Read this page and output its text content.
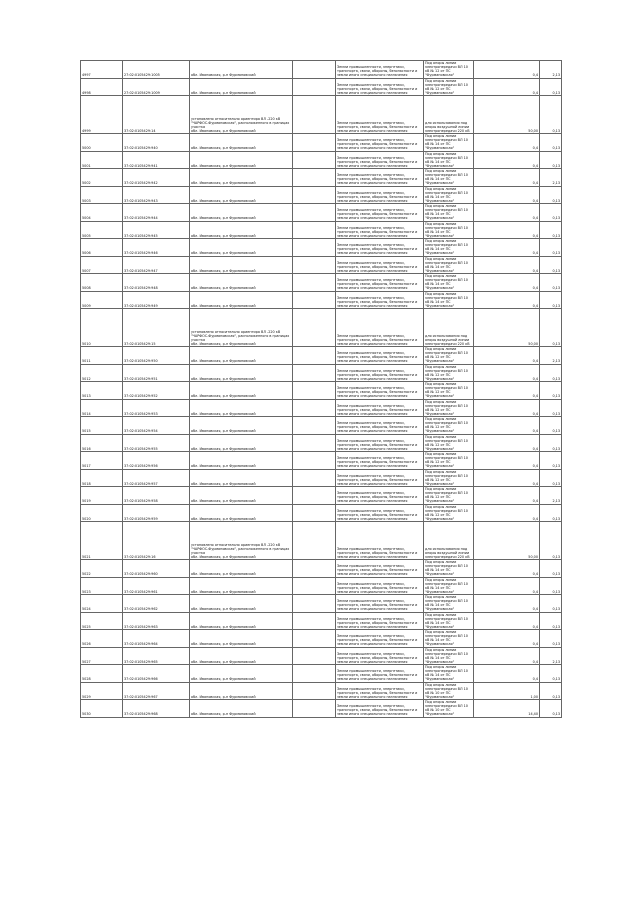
4997	27:02:0105429:1005	обл. Ивановская, р-н Фурмановский		Земли промышленности, энергетики, транспорта, связи, обороны, безопасности и земли иного специального назначения	Под опоры линии электропередачи ВЛ 10 кВ № 12 от ПС "Фурмановская"	0,4	2,13	
4998	27:02:0105429:1009	обл. Ивановская, р-н Фурмановский		Земли промышленности, энергетики, транспорта, связи, обороны, безопасности и земли иного специального назначения	Под опоры линии электропередачи ВЛ 10 кВ № 12 от ПС "Фурмановская"	0,4	0,13	
4999	37:02:0105429:14	установлено относительно ориентира ВЛ -220 кВ "ЧАРФОС-Фурмановская", расположенного в границах участка
обл. Ивановская, р-н Фурмановский		Земли промышленности, энергетики, транспорта, связи, обороны, безопасности и земли иного специального назначения	для использования под опоры воздушной линии электропередачи 220 кВ	50,00	0,13	
5000	37:02:0105429:940	обл. Ивановская, р-н Фурмановский		Земли промышленности, энергетики, транспорта, связи, обороны, безопасности и земли иного специального назначения	Под опоры линии электропередачи ВЛ 10 кВ № 14 от ПС "Фурмановская"	0,4	0,13	
5001	37:02:0105429:941	обл. Ивановская, р-н Фурмановский		Земли промышленности, энергетики, транспорта, связи, обороны, безопасности и земли иного специального назначения	Под опоры линии электропередачи ВЛ 10 кВ № 14 от ПС "Фурмановская"	0,4	0,13	
5002	37:02:0105429:942	обл. Ивановская, р-н Фурмановский		Земли промышленности, энергетики, транспорта, связи, обороны, безопасности и земли иного специального назначения	Под опоры линии электропередачи ВЛ 10 кВ № 14 от ПС "Фурмановская"	0,4	2,13	
5003	37:02:0105429:943	обл. Ивановская, р-н Фурмановский		Земли промышленности, энергетики, транспорта, связи, обороны, безопасности и земли иного специального назначения	Под опоры линии электропередачи ВЛ 10 кВ № 14 от ПС "Фурмановская"	0,4	0,13	
5004	37:02:0105429:944	обл. Ивановская, р-н Фурмановский		Земли промышленности, энергетики, транспорта, связи, обороны, безопасности и земли иного специального назначения	Под опоры линии электропередачи ВЛ 10 кВ № 14 от ПС "Фурмановская"	0,4	0,13	
5005	37:02:0105429:945	обл. Ивановская, р-н Фурмановский		Земли промышленности, энергетики, транспорта, связи, обороны, безопасности и земли иного специального назначения	Под опоры линии электропередачи ВЛ 10 кВ № 14 от ПС "Фурмановская"	0,4	0,13	
5006	37:02:0105429:946	обл. Ивановская, р-н Фурмановский		Земли промышленности, энергетики, транспорта, связи, обороны, безопасности и земли иного специального назначения	Под опоры линии электропередачи ВЛ 10 кВ № 14 от ПС "Фурмановская"	0,4	0,13	
5007	37:02:0105429:947	обл. Ивановская, р-н Фурмановский		Земли промышленности, энергетики, транспорта, связи, обороны, безопасности и земли иного специального назначения	Под опоры линии электропередачи ВЛ 10 кВ № 14 от ПС "Фурмановская"	0,4	0,13	
5008	37:02:0105429:948	обл. Ивановская, р-н Фурмановский		Земли промышленности, энергетики, транспорта, связи, обороны, безопасности и земли иного специального назначения	Под опоры линии электропередачи ВЛ 10 кВ № 14 от ПС "Фурмановская"	0,4	0,13	
5009	37:02:0105429:949	обл. Ивановская, р-н Фурмановский		Земли промышленности, энергетики, транспорта, связи, обороны, безопасности и земли иного специального назначения	Под опоры линии электропередачи ВЛ 10 кВ № 14 от ПС "Фурмановская"	0,4	0,13	
5010	37:02:0105429:15	установлено относительно ориентира ВЛ -220 кВ "ЧАРФОС-Фурмановская", расположенного в границах участка
обл. Ивановская, р-н Фурмановский		Земли промышленности, энергетики, транспорта, связи, обороны, безопасности и земли иного специального назначения	для использования под опоры воздушной линии электропередачи 220 кВ	50,00	0,13	
5011	37:02:0105429:950	обл. Ивановская, р-н Фурмановский		Земли промышленности, энергетики, транспорта, связи, обороны, безопасности и земли иного специального назначения	Под опоры линии электропередачи ВЛ 10 кВ № 12 от ПС "Фурмановская"	0,4	2,13	
5012	37:02:0105429:951	обл. Ивановская, р-н Фурмановский		Земли промышленности, энергетики, транспорта, связи, обороны, безопасности и земли иного специального назначения	Под опоры линии электропередачи ВЛ 10 кВ № 12 от ПС "Фурмановская"	0,4	0,13	
5013	37:02:0105429:952	обл. Ивановская, р-н Фурмановский		Земли промышленности, энергетики, транспорта, связи, обороны, безопасности и земли иного специального назначения	Под опоры линии электропередачи ВЛ 10 кВ № 12 от ПС "Фурмановская"	0,4	0,13	
5014	37:02:0105429:953	обл. Ивановская, р-н Фурмановский		Земли промышленности, энергетики, транспорта, связи, обороны, безопасности и земли иного специального назначения	Под опоры линии электропередачи ВЛ 10 кВ № 12 от ПС "Фурмановская"	0,4	0,13	
5015	37:02:0105429:954	обл. Ивановская, р-н Фурмановский		Земли промышленности, энергетики, транспорта, связи, обороны, безопасности и земли иного специального назначения	Под опоры линии электропередачи ВЛ 10 кВ № 12 от ПС "Фурмановская"	0,4	0,13	
5016	37:02:0105429:955	обл. Ивановская, р-н Фурмановский		Земли промышленности, энергетики, транспорта, связи, обороны, безопасности и земли иного специального назначения	Под опоры линии электропередачи ВЛ 10 кВ № 12 от ПС "Фурмановская"	0,4	0,13	
5017	37:02:0105429:956	обл. Ивановская, р-н Фурмановский		Земли промышленности, энергетики, транспорта, связи, обороны, безопасности и земли иного специального назначения	Под опоры линии электропередачи ВЛ 10 кВ № 12 от ПС "Фурмановская"	0,4	0,13	
5018	37:02:0105429:957	обл. Ивановская, р-н Фурмановский		Земли промышленности, энергетики, транспорта, связи, обороны, безопасности и земли иного специального назначения	Под опоры линии электропередачи ВЛ 10 кВ № 12 от ПС "Фурмановская"	0,4	0,13	
5019	37:02:0105429:958	обл. Ивановская, р-н Фурмановский		Земли промышленности, энергетики, транспорта, связи, обороны, безопасности и земли иного специального назначения	Под опоры линии электропередачи ВЛ 10 кВ № 12 от ПС "Фурмановская"	0,4	2,13	
5020	37:02:0105429:959	обл. Ивановская, р-н Фурмановский		Земли промышленности, энергетики, транспорта, связи, обороны, безопасности и земли иного специального назначения	Под опоры линии электропередачи ВЛ 10 кВ № 12 от ПС "Фурмановская"	0,4	0,13	
5021	37:02:0105429:16	установлено относительно ориентира ВЛ -220 кВ "ЧАРФОС-Фурмановская", расположенного в границах участка
обл. Ивановская, р-н Фурмановский		Земли промышленности, энергетики, транспорта, связи, обороны, безопасности и земли иного специального назначения	для использования под опоры воздушной линии электропередачи 220 кВ	50,00	0,13	
5022	37:02:0105429:960	обл. Ивановская, р-н Фурмановский		Земли промышленности, энергетики, транспорта, связи, обороны, безопасности и земли иного специального назначения	Под опоры линии электропередачи ВЛ 10 кВ № 14 от ПС "Фурмановская"	0,4	0,13	
5023	37:02:0105429:961	обл. Ивановская, р-н Фурмановский		Земли промышленности, энергетики, транспорта, связи, обороны, безопасности и земли иного специального назначения	Под опоры линии электропередачи ВЛ 10 кВ № 14 от ПС "Фурмановская"	0,4	0,13	
5024	37:02:0105429:962	обл. Ивановская, р-н Фурмановский		Земли промышленности, энергетики, транспорта, связи, обороны, безопасности и земли иного специального назначения	Под опоры линии электропередачи ВЛ 10 кВ № 14 от ПС "Фурмановская"	0,4	0,13	
5025	37:02:0105429:963	обл. Ивановская, р-н Фурмановский		Земли промышленности, энергетики, транспорта, связи, обороны, безопасности и земли иного специального назначения	Под опоры линии электропередачи ВЛ 10 кВ № 14 от ПС "Фурмановская"	0,4	0,13	
5026	37:02:0105429:964	обл. Ивановская, р-н Фурмановский		Земли промышленности, энергетики, транспорта, связи, обороны, безопасности и земли иного специального назначения	Под опоры линии электропередачи ВЛ 10 кВ № 14 от ПС "Фурмановская"	0,4	0,13	
5027	37:02:0105429:965	обл. Ивановская, р-н Фурмановский		Земли промышленности, энергетики, транспорта, связи, обороны, безопасности и земли иного специального назначения	Под опоры линии электропередачи ВЛ 10 кВ № 14 от ПС "Фурмановская"	0,4	2,13	
5028	37:02:0105429:966	обл. Ивановская, р-н Фурмановский		Земли промышленности, энергетики, транспорта, связи, обороны, безопасности и земли иного специального назначения	Под опоры линии электропередачи ВЛ 10 кВ № 14 от ПС "Фурмановская"	0,4	0,13	
5029	37:02:0105429:967	обл. Ивановская, р-н Фурмановский		Земли промышленности, энергетики, транспорта, связи, обороны, безопасности и земли иного специального назначения	Под опоры линии электропередачи ВЛ 10 кВ № 10 от ПС "Фурмановская"	1,00	0,13	
5030	37:02:0105429:968	обл. Ивановская, р-н Фурмановский		Земли промышленности, энергетики, транспорта, связи, обороны, безопасности и земли иного специального назначения	Под опоры линии электропередачи ВЛ 10 кВ № 10 от ПС "Фурмановская"	14,40	0,13	
